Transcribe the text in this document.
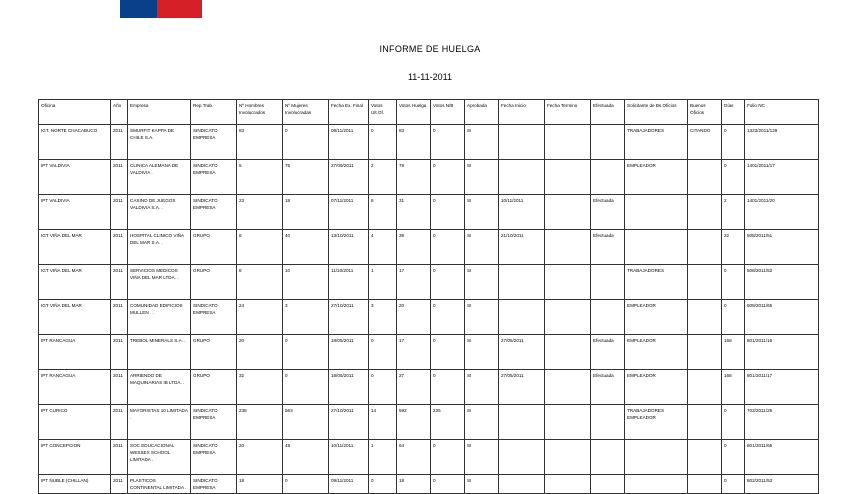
Gobierno de Chile
INFORME DE HUELGA
11-11-2011
Oficina	Año	Empresa	Rep.Trab.	Nº Hombres Involucrados	Nº Mujeres Involucradas	Fecha Ex. Final	Votos Ult.Of.	Votos Huelga	Votos N/B	Aprobada	Fecha Inicio	Fecha Termino	Efectuada	Solicitante de Bs.Oficios	Buenos Oficios	Días	Folio NC
IGT. NORTE CHACABUCO	2011	SMURFIT KAPPA DE CHILE S.A.	SINDICATO EMPRESA	83	0	08/11/2011	0	83	0	SI				TRABAJADORES	CITANDO	0	1323/2011/129
IPT VALDIVIA	2011	CLINICA ALEMANA DE VALDIVIA .	SINDICATO EMPRESA	5	75	27/09/2011	2	78	0	SI				EMPLEADOR		0	1401/2011/17
IPT VALDIVIA	2011	CASINO DE JUEGOS VALDIVIA S.A. .	SINDICATO EMPRESA	23	18	07/11/2011	8	31	0	SI	10/11/2011		Efectuada			2	1401/2011/20
IGT VIÑA DEL MAR	2011	HOSPITAL CLINICO VIÑA DEL MAR S.A. .	GRUPO	8	40	13/10/2011	4	39	0	SI	21/10/2011		Efectuada			22	508/2011/51
IGT VIÑA DEL MAR	2011	SERVICIOS MEDICOS VIÑA DEL MAR LTDA. .	GRUPO	8	10	11/10/2011	1	17	0	SI				TRABAJADORES		0	508/2011/52
IGT VIÑA DEL MAR	2011	COMUNIDAD EDIFICIOS MULLEN . .	SINDICATO EMPRESA	24	3	27/10/2011	3	20	0	SI				EMPLEADOR		0	508/2011/65
IPT RANCAGUA	2011	TREBOL MINERALS S.A. .	GRUPO	20	0	18/05/2011	0	17	0	SI	27/05/2011		Efectuada	EMPLEADOR		168	801/2011/16
IPT RANCAGUA	2011	ARRIENDO DE MAQUINARIAS IB LTDA. .	GRUPO	32	0	18/05/2011	0	27	0	SI	27/05/2011		Efectuada	EMPLEADOR		168	801/2011/17
IPT CURICO	2011	MAYORISTAS 10 LIMITADA .	SINDICATO EMPRESA	238	563	27/10/2011	14	592	235	SI				TRABAJADORES EMPLEADOR		0	702/2011/25
IPT CONCEPCION	2011	SOC EDUCACIONAL WESSEX SCHOOL LIMITADA .	SINDICATO EMPRESA	20	48	10/11/2011	1	64	0	SI						0	801/2011/65
IPT ÑUBLE (CHILLAN)	2011	PLASTICOS CONTINENTAL LIMITADA .	SINDICATO EMPRESA	18	0	09/11/2011	0	18	0	SI						0	802/2011/53
